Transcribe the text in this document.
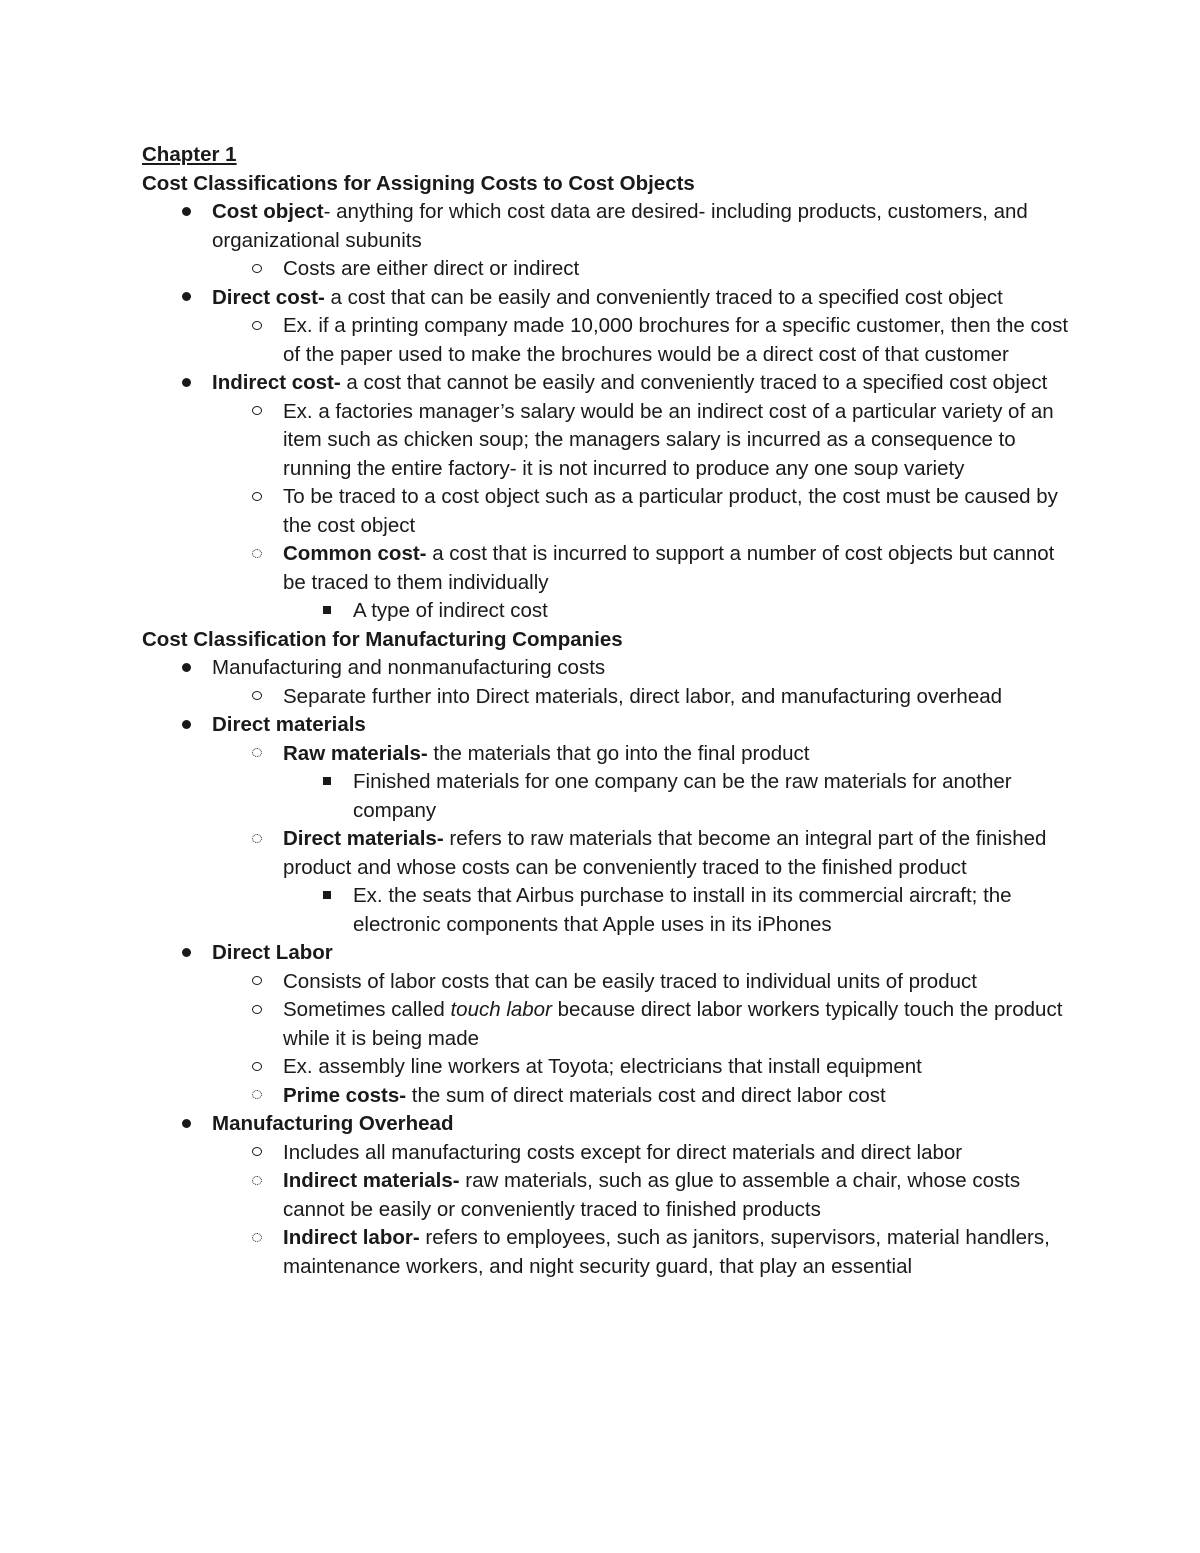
Chapter 1
Cost Classifications for Assigning Costs to Cost Objects
Cost object- anything for which cost data are desired- including products, customers, and organizational subunits
Costs are either direct or indirect
Direct cost- a cost that can be easily and conveniently traced to a specified cost object
Ex. if a printing company made 10,000 brochures for a specific customer, then the cost of the paper used to make the brochures would be a direct cost of that customer
Indirect cost- a cost that cannot be easily and conveniently traced to a specified cost object
Ex. a factories manager’s salary would be an indirect cost of a particular variety of an item such as chicken soup; the managers salary is incurred as a consequence to running the entire factory- it is not incurred to produce any one soup variety
To be traced to a cost object such as a particular product, the cost must be caused by the cost object
Common cost- a cost that is incurred to support a number of cost objects but cannot be traced to them individually
A type of indirect cost
Cost Classification for Manufacturing Companies
Manufacturing and nonmanufacturing costs
Separate further into Direct materials, direct labor, and manufacturing overhead
Direct materials
Raw materials- the materials that go into the final product
Finished materials for one company can be the raw materials for another company
Direct materials- refers to raw materials that become an integral part of the finished product and whose costs can be conveniently traced to the finished product
Ex. the seats that Airbus purchase to install in its commercial aircraft; the electronic components that Apple uses in its iPhones
Direct Labor
Consists of labor costs that can be easily traced to individual units of product
Sometimes called touch labor because direct labor workers typically touch the product while it is being made
Ex. assembly line workers at Toyota; electricians that install equipment
Prime costs- the sum of direct materials cost and direct labor cost
Manufacturing Overhead
Includes all manufacturing costs except for direct materials and direct labor
Indirect materials- raw materials, such as glue to assemble a chair, whose costs cannot be easily or conveniently traced to finished products
Indirect labor- refers to employees, such as janitors, supervisors, material handlers, maintenance workers, and night security guard, that play an essential
